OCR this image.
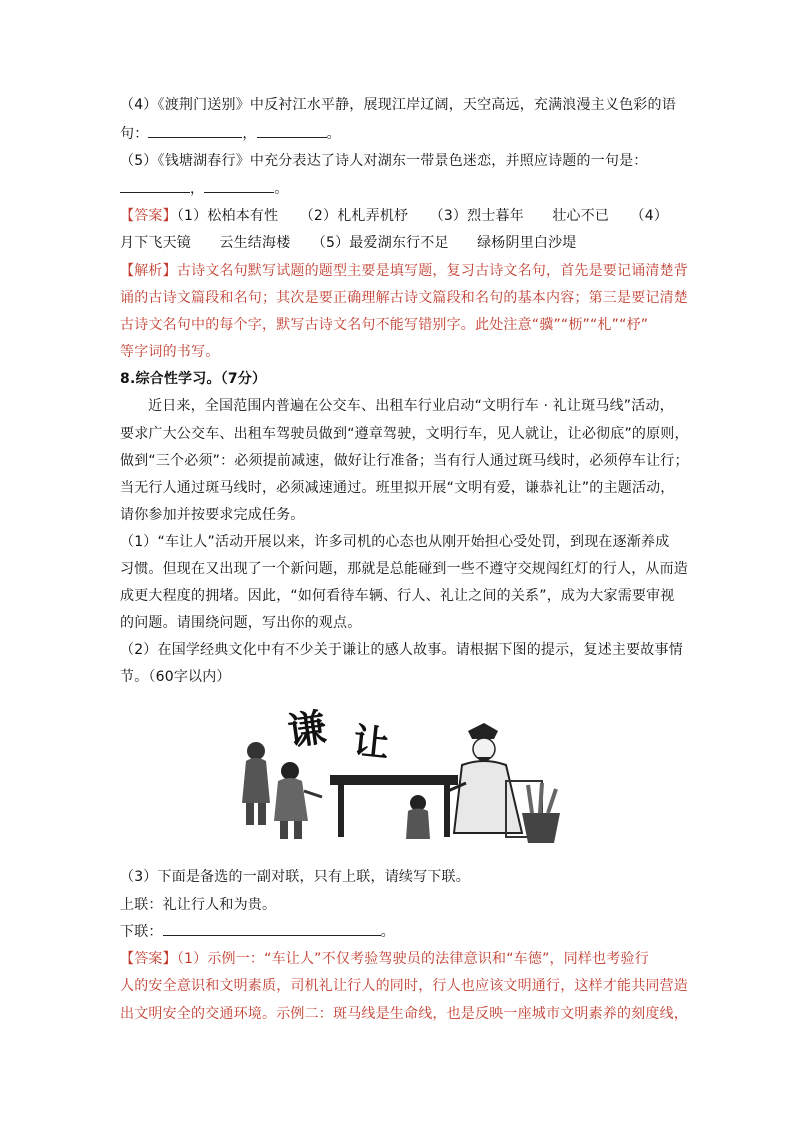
（4）《渡荆门送别》中反衬江水平静，展现江岸辽阔，天空高远，充满浪漫主义色彩的语
句：	，	。
（5）《钱塘湖春行》中充分表达了诗人对湖东一带景色迷恋，并照应诗题的一句是：
，	。
【答案】（1）松柏本有性　　（2）札札弄机杼　　（3）烈士暮年　　壮心不已　　（4）
月下飞天镜　　云生结海楼　　（5）最爱湖东行不足　　绿杨阴里白沙堤
【解析】古诗文名句默写试题的题型主要是填写题，复习古诗文名句，首先是要记诵清楚背
诵的古诗文篇段和名句；其次是要正确理解古诗文篇段和名句的基本内容；第三是要记清楚
古诗文名句中的每个字，默写古诗文名句不能写错别字。此处注意“骥”“枥”“札”“杼”
等字词的书写。
8.综合性学习。（7分）
近日来，全国范围内普遍在公交车、出租车行业启动“文明行车 · 礼让斑马线”活动，
要求广大公交车、出租车驾驶员做到“遵章驾驶，文明行车，见人就让，让必彻底”的原则，
做到“三个必须”：必须提前减速，做好让行准备；当有行人通过斑马线时，必须停车让行；
当无行人通过斑马线时，必须减速通过。班里拟开展“文明有爱，谦恭礼让”的主题活动，
请你参加并按要求完成任务。
（1）“车让人”活动开展以来，许多司机的心态也从刚开始担心受处罚，到现在逐渐养成
习惯。但现在又出现了一个新问题，那就是总能碰到一些不遵守交规闯红灯的行人，从而造
成更大程度的拥堵。因此，“如何看待车辆、行人、礼让之间的关系”，成为大家需要审视
的问题。请围绕问题，写出你的观点。
（2）在国学经典文化中有不少关于谦让的感人故事。请根据下图的提示，复述主要故事情
节。（60字以内）
谦 让
（3）下面是备选的一副对联，只有上联，请续写下联。
上联：礼让行人和为贵。
下联：	。
【答案】（1）示例一：“车让人”不仅考验驾驶员的法律意识和“车德”，同样也考验行
人的安全意识和文明素质，司机礼让行人的同时，行人也应该文明通行，这样才能共同营造
出文明安全的交通环境。示例二：斑马线是生命线，也是反映一座城市文明素养的刻度线，
